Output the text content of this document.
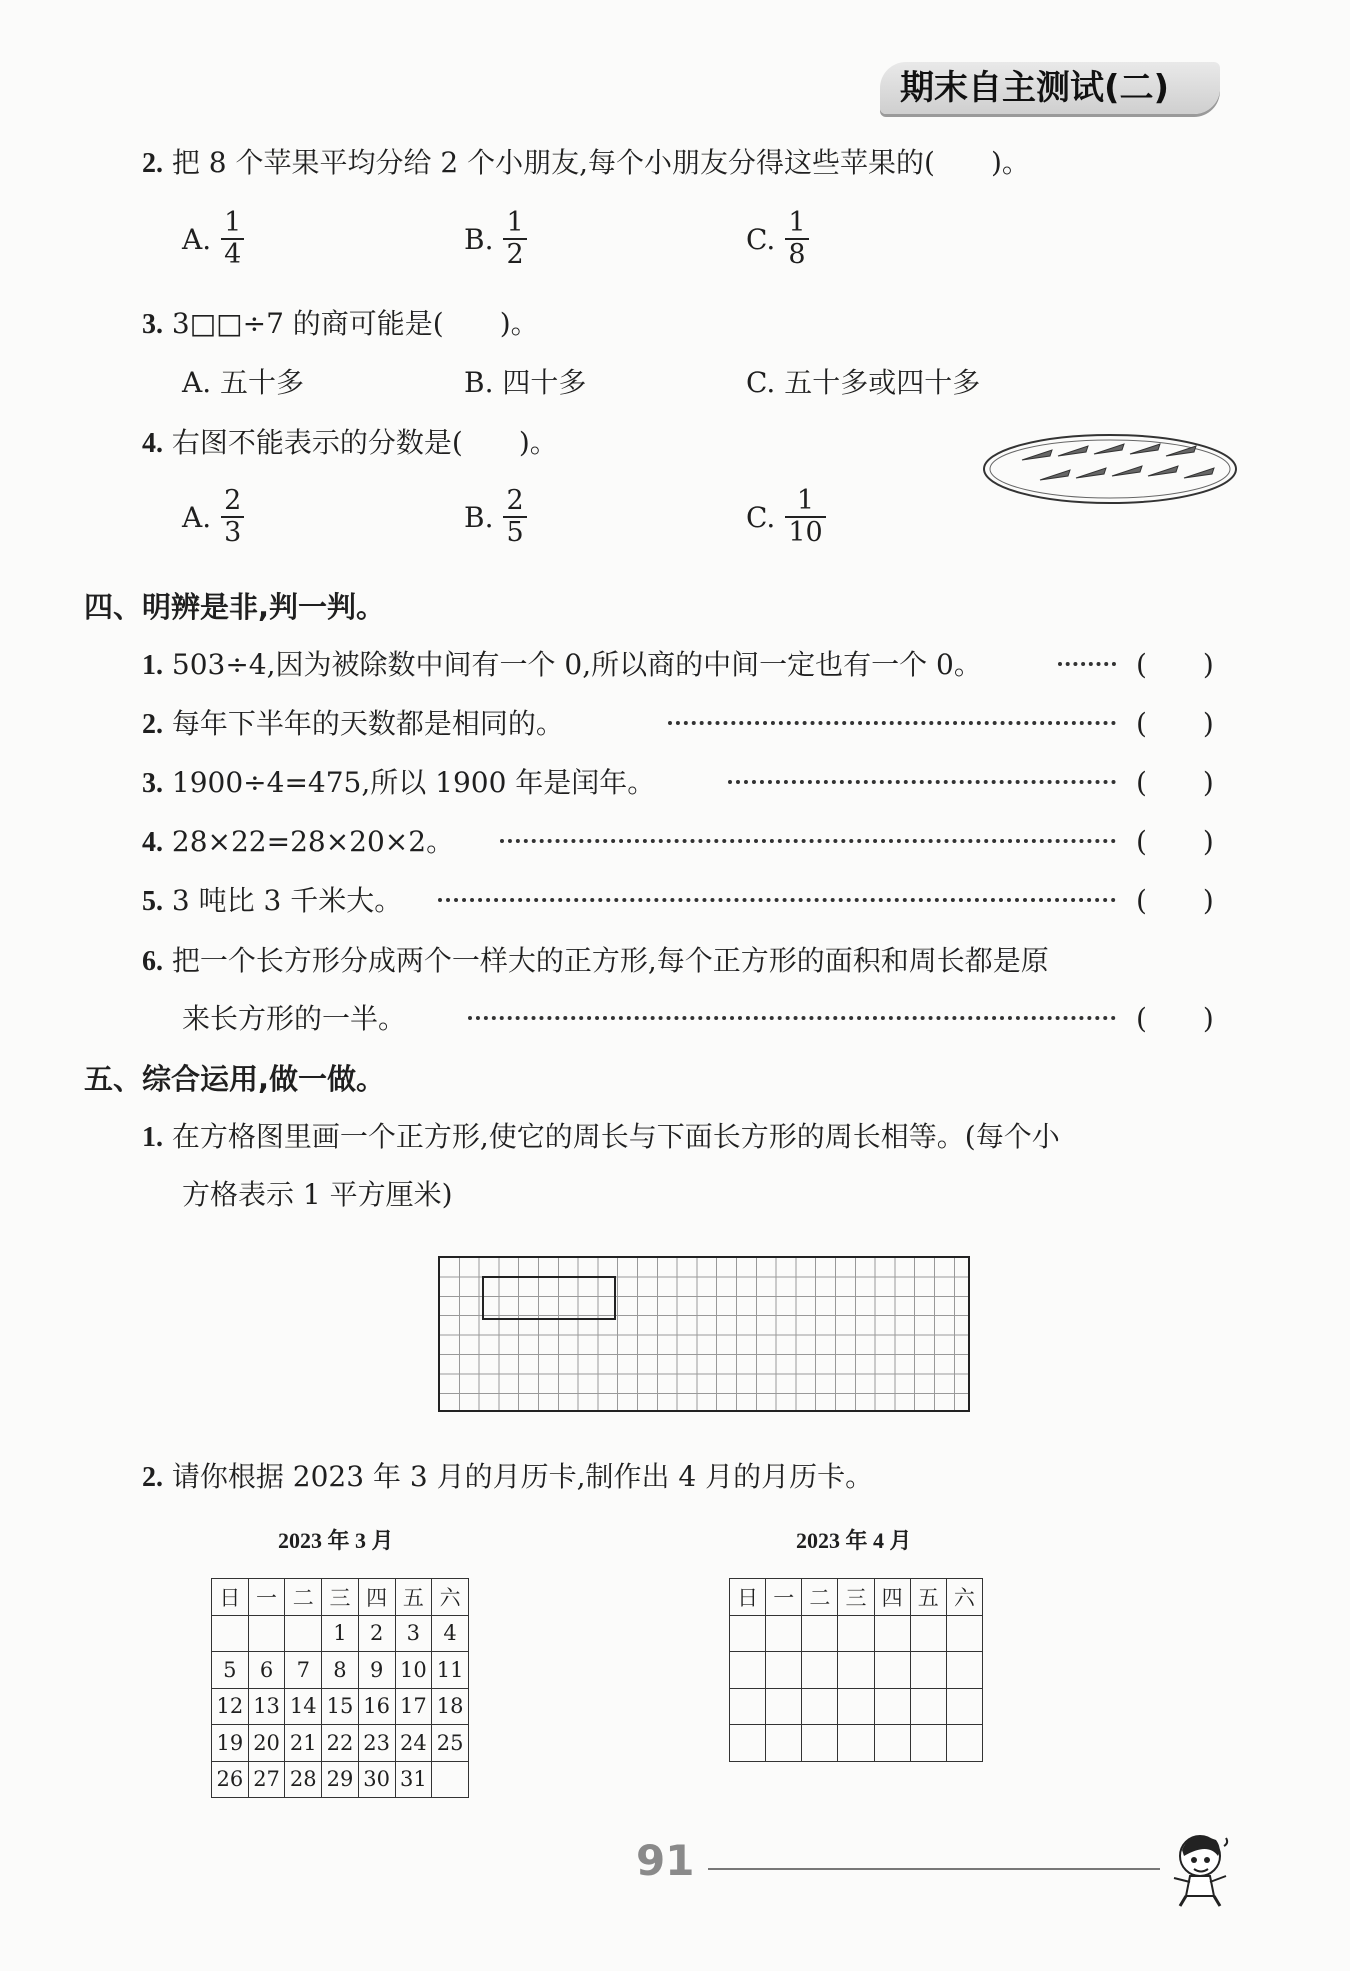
期末自主测试(二)
2. 把 8 个苹果平均分给 2 个小朋友,每个小朋友分得这些苹果的(　　)。
A. $\frac{1}{4}$	B. $\frac{1}{2}$	C. $\frac{1}{8}$
3. 3□□÷7 的商可能是(　　)。
A. 五十多	B. 四十多	C. 五十多或四十多
4. 右图不能表示的分数是(　　)。
A. $\frac{2}{3}$	B. $\frac{2}{5}$	C. $\frac{1}{10}$
四、明辨是非,判一判。
1. 503÷4,因为被除数中间有一个 0,所以商的中间一定也有一个 0。	(　　)
2. 每年下半年的天数都是相同的。	(　　)
3. 1900÷4=475,所以 1900 年是闰年。	(　　)
4. 28×22=28×20×2。	(　　)
5. 3 吨比 3 千米大。	(　　)
6. 把一个长方形分成两个一样大的正方形,每个正方形的面积和周长都是原
来长方形的一半。	(　　)
五、综合运用,做一做。
1. 在方格图里画一个正方形,使它的周长与下面长方形的周长相等。(每个小
方格表示 1 平方厘米)
2. 请你根据 2023 年 3 月的月历卡,制作出 4 月的月历卡。
2023 年 3 月
日	一	二	三	四	五	六
			1	2	3	4
5	6	7	8	9	10	11
12	13	14	15	16	17	18
19	20	21	22	23	24	25
26	27	28	29	30	31	
2023 年 4 月
日	一	二	三	四	五	六

91
